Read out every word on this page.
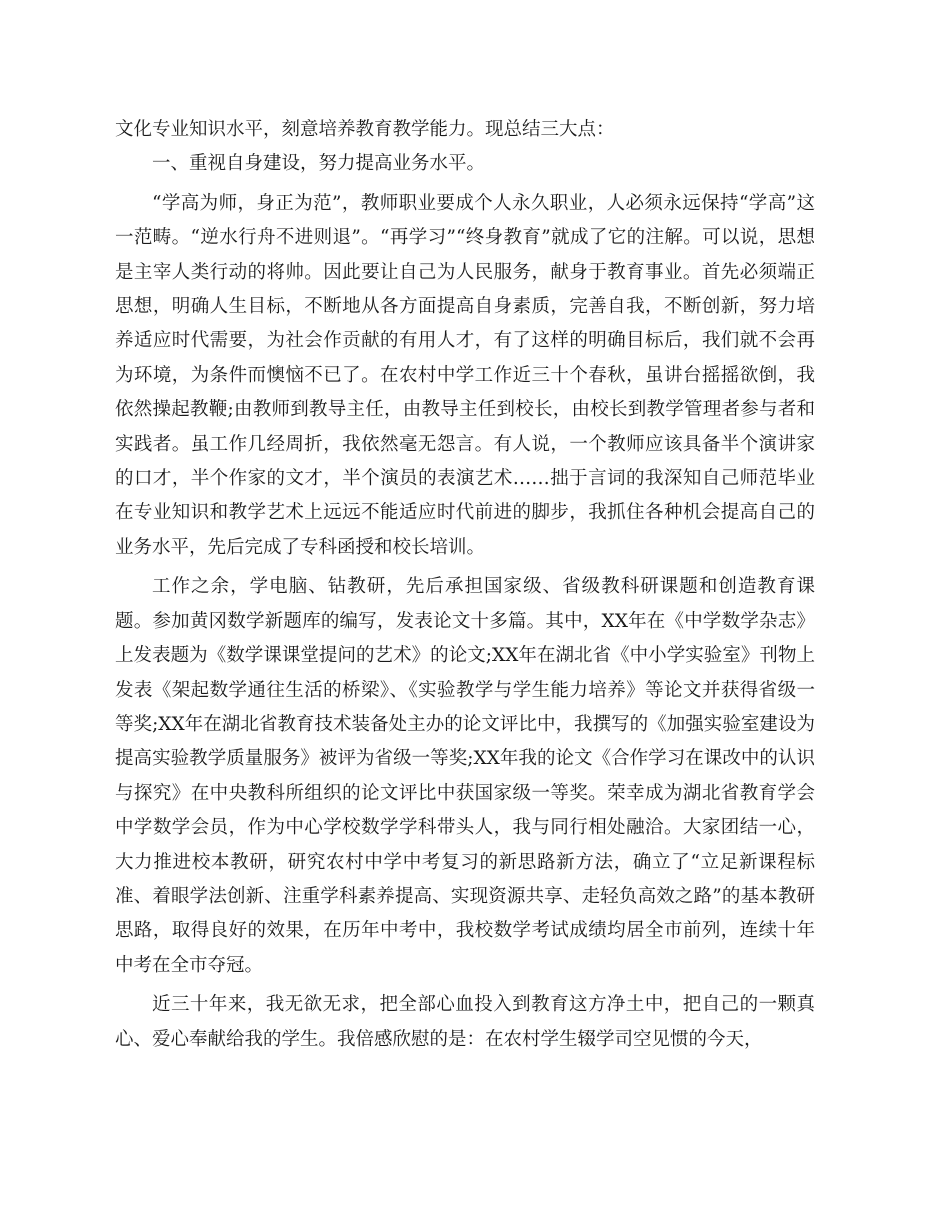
文化专业知识水平，刻意培养教育教学能力。现总结三大点：

一、重视自身建设，努力提高业务水平。

“学高为师，身正为范”，教师职业要成个人永久职业，人必须永远保持“学高”这一范畴。“逆水行舟不进则退”。“再学习”“终身教育”就成了它的注解。可以说，思想是主宰人类行动的将帅。因此要让自己为人民服务，献身于教育事业。首先必须端正思想，明确人生目标，不断地从各方面提高自身素质，完善自我，不断创新，努力培养适应时代需要，为社会作贡献的有用人才，有了这样的明确目标后，我们就不会再为环境，为条件而懊恼不已了。在农村中学工作近三十个春秋，虽讲台摇摇欲倒，我依然操起教鞭;由教师到教导主任，由教导主任到校长，由校长到教学管理者参与者和实践者。虽工作几经周折，我依然毫无怨言。有人说，一个教师应该具备半个演讲家的口才，半个作家的文才，半个演员的表演艺术……拙于言词的我深知自己师范毕业在专业知识和教学艺术上远远不能适应时代前进的脚步，我抓住各种机会提高自己的业务水平，先后完成了专科函授和校长培训。

工作之余，学电脑、钻教研，先后承担国家级、省级教科研课题和创造教育课题。参加黄冈数学新题库的编写，发表论文十多篇。其中，XX年在《中学数学杂志》上发表题为《数学课课堂提问的艺术》的论文;XX年在湖北省《中小学实验室》刊物上发表《架起数学通往生活的桥梁》、《实验教学与学生能力培养》等论文并获得省级一等奖;XX年在湖北省教育技术装备处主办的论文评比中，我撰写的《加强实验室建设为提高实验教学质量服务》被评为省级一等奖;XX年我的论文《合作学习在课改中的认识与探究》在中央教科所组织的论文评比中获国家级一等奖。荣幸成为湖北省教育学会中学数学会员，作为中心学校数学学科带头人，我与同行相处融洽。大家团结一心，大力推进校本教研，研究农村中学中考复习的新思路新方法，确立了“立足新课程标准、着眼学法创新、注重学科素养提高、实现资源共享、走轻负高效之路”的基本教研思路，取得良好的效果，在历年中考中，我校数学考试成绩均居全市前列，连续十年中考在全市夺冠。

近三十年来，我无欲无求，把全部心血投入到教育这方净土中，把自己的一颗真心、爱心奉献给我的学生。我倍感欣慰的是：在农村学生辍学司空见惯的今天，
